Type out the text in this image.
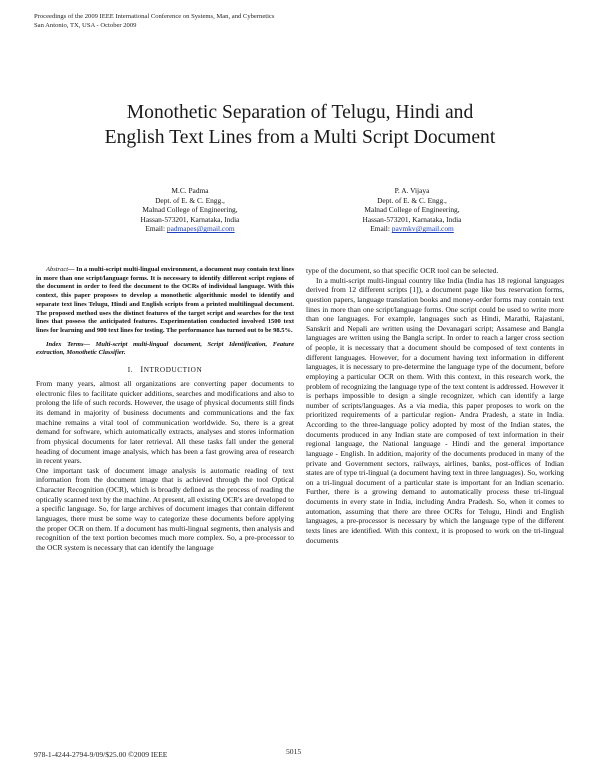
Proceedings of the 2009 IEEE International Conference on Systems, Man, and Cybernetics
San Antonio, TX, USA - October 2009
Monothetic Separation of Telugu, Hindi and
English Text Lines from a Multi Script Document
M.C. Padma
Dept. of E. & C. Engg.,
Malnad College of Engineering,
Hassan-573201, Karnataka, India
Email: padmapes@gmail.com
P. A. Vijaya
Dept. of E. & C. Engg.,
Malnad College of Engineering,
Hassan-573201, Karnataka, India
Email: pavmkv@gmail.com

Abstract— In a multi-script multi-lingual environment, a document may contain text lines in more than one script/language forms. It is necessary to identify different script regions of the document in order to feed the document to the OCRs of individual language. With this context, this paper proposes to develop a monothetic algorithmic model to identify and separate text lines Telugu, Hindi and English scripts from a printed multilingual document. The proposed method uses the distinct features of the target script and searches for the text lines that possess the anticipated features. Experimentation conducted involved 1500 text lines for learning and 900 text lines for testing. The performance has turned out to be 98.5%.

Index Terms— Multi-script multi-lingual document, Script Identification, Feature extraction, Monothetic Classifier.
I. INTRODUCTION

From many years, almost all organizations are converting paper documents to electronic files to facilitate quicker additions, searches and modifications and also to prolong the life of such records. However, the usage of physical documents still finds its demand in majority of business documents and communications and the fax machine remains a vital tool of communication worldwide. So, there is a great demand for software, which automatically extracts, analyses and stores information from physical documents for later retrieval. All these tasks fall under the general heading of document image analysis, which has been a fast growing area of research in recent years.

One important task of document image analysis is automatic reading of text information from the document image that is achieved through the tool Optical Character Recognition (OCR), which is broadly defined as the process of reading the optically scanned text by the machine. At present, all existing OCR's are developed to a specific language. So, for large archives of document images that contain different languages, there must be some way to categorize these documents before applying the proper OCR on them. If a document has multi-lingual segments, then analysis and recognition of the text portion becomes much more complex. So, a pre-processor to the OCR system is necessary that can identify the language

type of the document, so that specific OCR tool can be selected.

In a multi-script multi-lingual country like India (India has 18 regional languages derived from 12 different scripts [1]), a document page like bus reservation forms, question papers, language translation books and money-order forms may contain text lines in more than one script/language forms. One script could be used to write more than one languages. For example, languages such as Hindi, Marathi, Rajastani, Sanskrit and Nepali are written using the Devanagari script; Assamese and Bangla languages are written using the Bangla script. In order to reach a larger cross section of people, it is necessary that a document should be composed of text contents in different languages. However, for a document having text information in different languages, it is necessary to pre-determine the language type of the document, before employing a particular OCR on them. With this context, in this research work, the problem of recognizing the language type of the text content is addressed. However it is perhaps impossible to design a single recognizer, which can identify a large number of scripts/languages. As a via media, this paper proposes to work on the prioritized requirements of a particular region- Andra Pradesh, a state in India. According to the three-language policy adopted by most of the Indian states, the documents produced in any Indian state are composed of text information in their regional language, the National language - Hindi and the general importance language - English. In addition, majority of the documents produced in many of the private and Government sectors, railways, airlines, banks, post-offices of Indian states are of type tri-lingual (a document having text in three languages). So, working on a tri-lingual document of a particular state is important for an Indian scenario. Further, there is a growing demand to automatically process these tri-lingual documents in every state in India, including Andra Pradesh. So, when it comes to automation, assuming that there are three OCRs for Telugu, Hindi and English languages, a pre-processor is necessary by which the language type of the different texts lines are identified. With this context, it is proposed to work on the tri-lingual documents

978-1-4244-2794-9/09/$25.00 ©2009 IEEE	5015
